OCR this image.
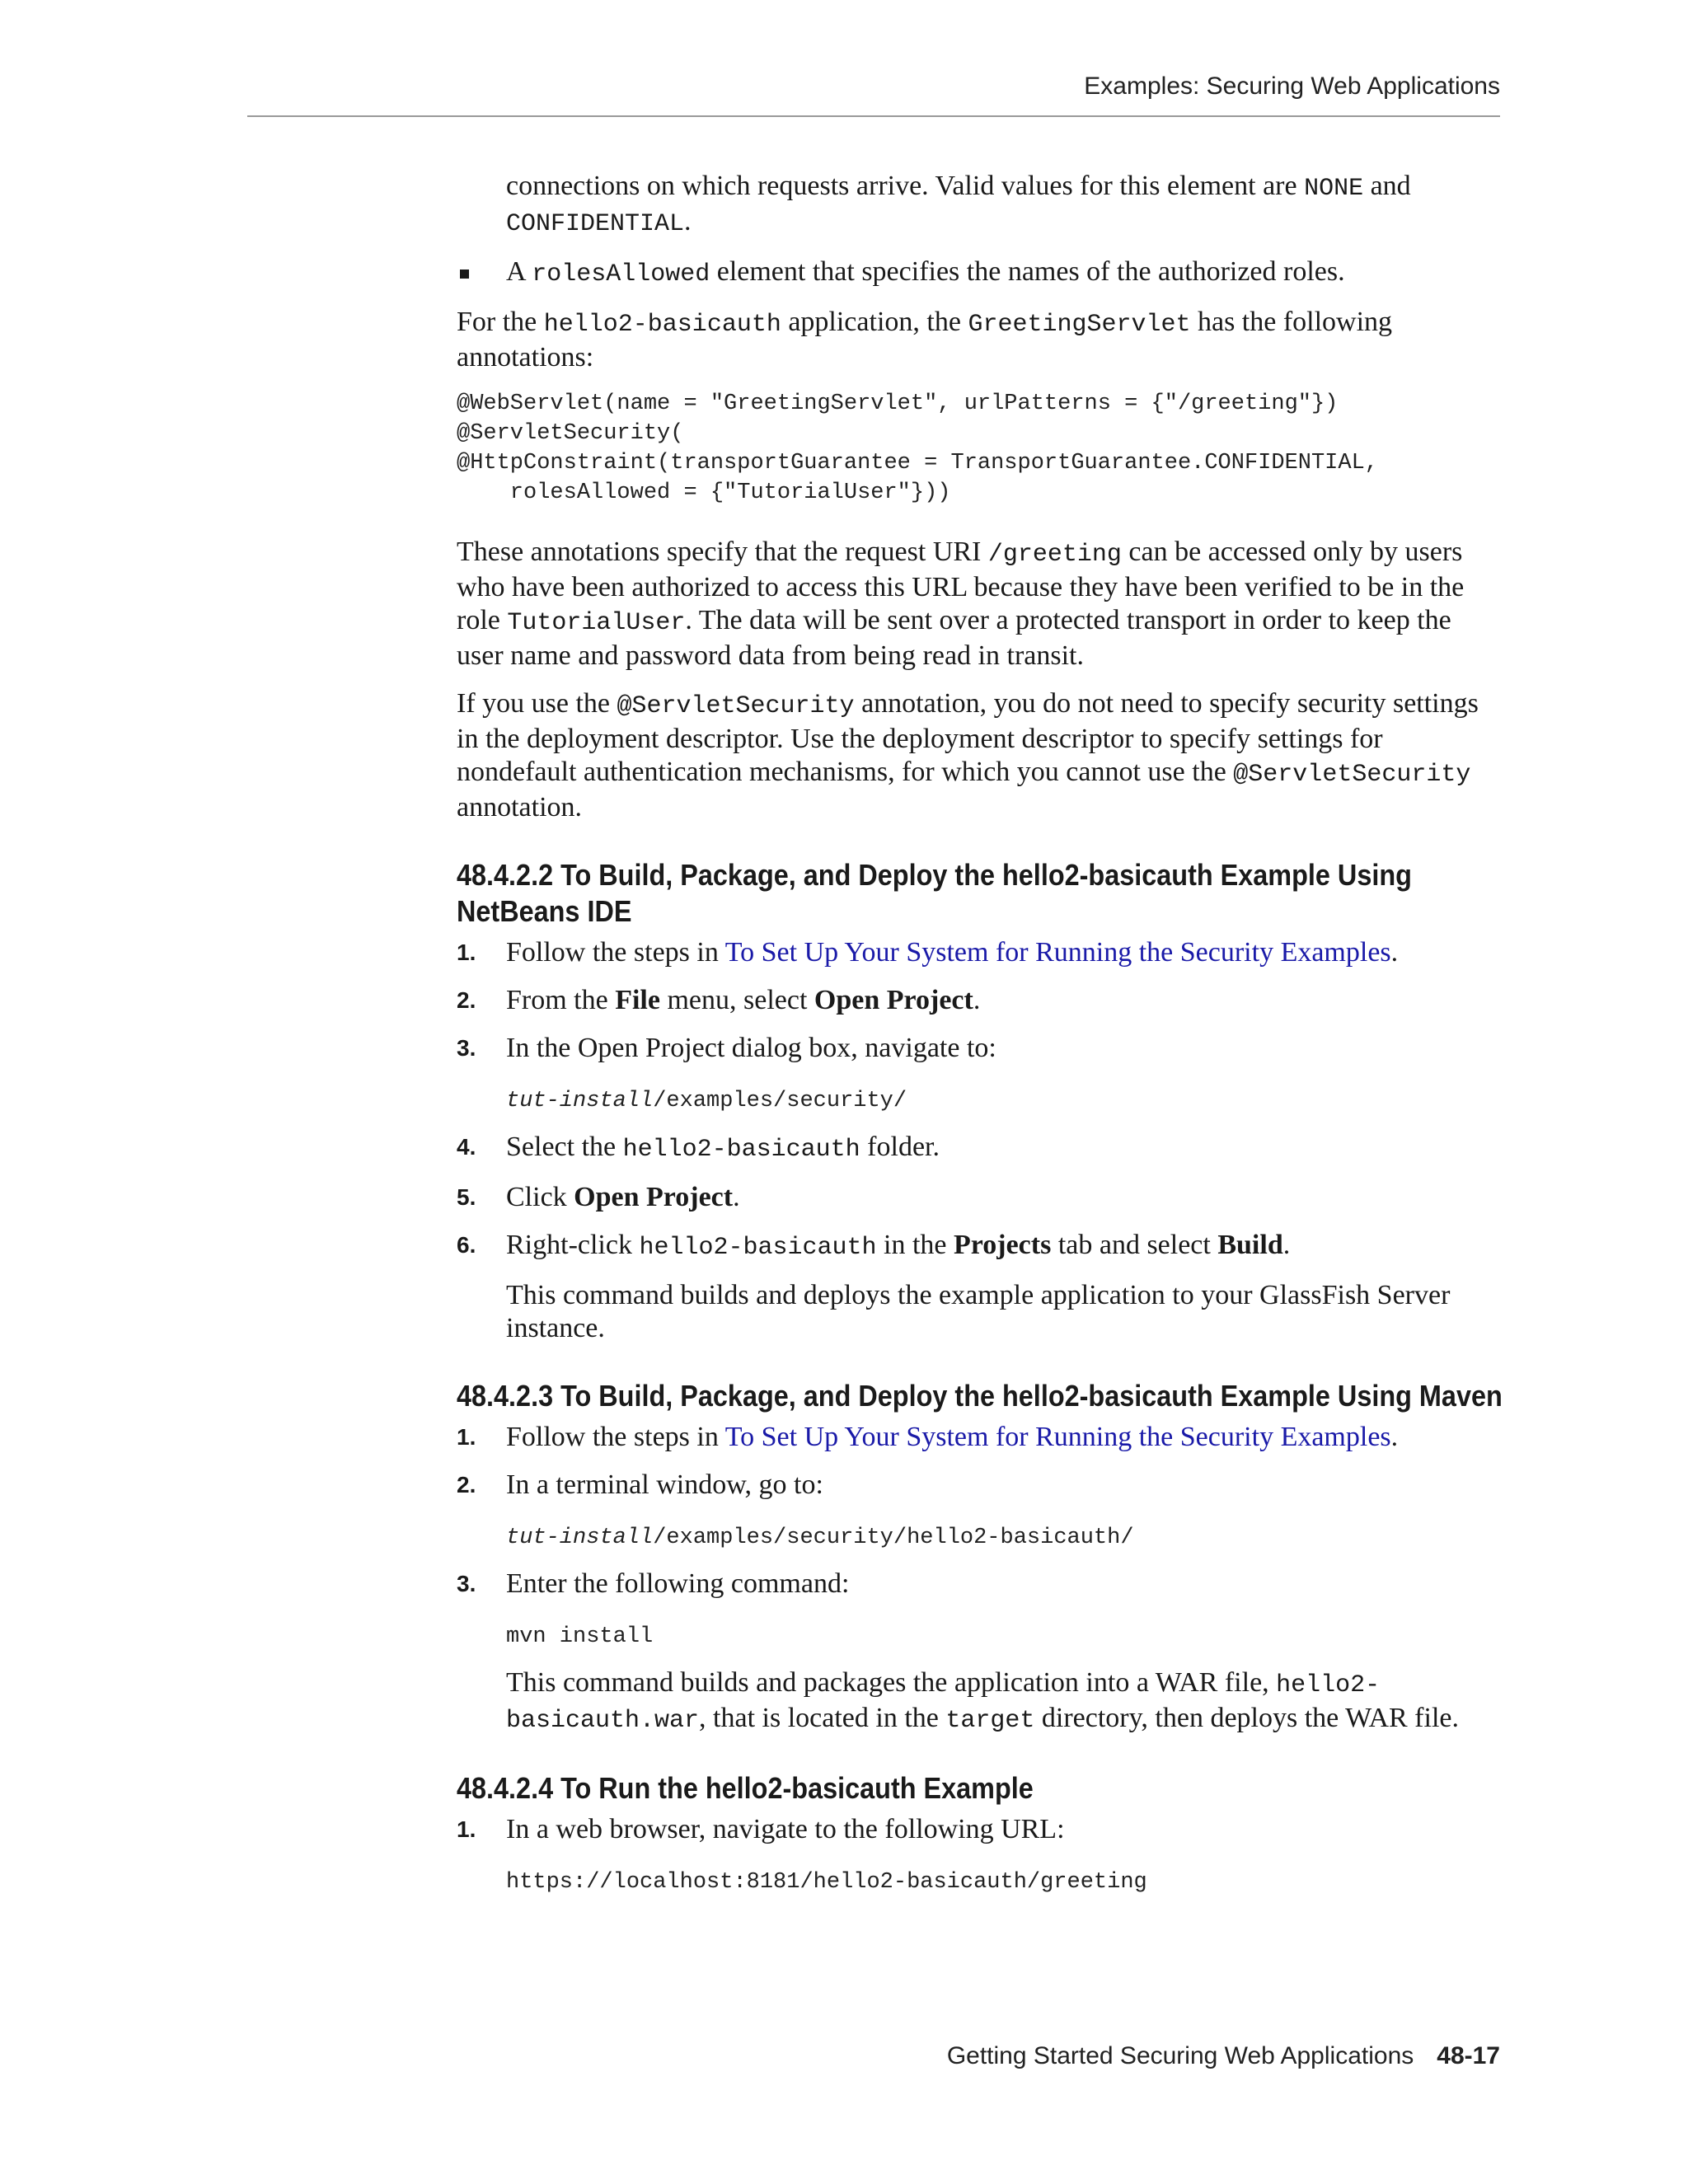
Examples: Securing Web Applications

connections on which requests arrive. Valid values for this element are NONE and CONFIDENTIAL.

A rolesAllowed element that specifies the names of the authorized roles.

For the hello2-basicauth application, the GreetingServlet has the following annotations:

@WebServlet(name = "GreetingServlet", urlPatterns = {"/greeting"})
@ServletSecurity(
@HttpConstraint(transportGuarantee = TransportGuarantee.CONFIDENTIAL,
rolesAllowed = {"TutorialUser"}))

These annotations specify that the request URI /greeting can be accessed only by users who have been authorized to access this URL because they have been verified to be in the role TutorialUser. The data will be sent over a protected transport in order to keep the user name and password data from being read in transit.

If you use the @ServletSecurity annotation, you do not need to specify security settings in the deployment descriptor. Use the deployment descriptor to specify settings for nondefault authentication mechanisms, for which you cannot use the @ServletSecurity annotation.

48.4.2.2 To Build, Package, and Deploy the hello2-basicauth Example Using NetBeans IDE
1. Follow the steps in To Set Up Your System for Running the Security Examples.
2. From the File menu, select Open Project.
3. In the Open Project dialog box, navigate to:
tut-install/examples/security/
4. Select the hello2-basicauth folder.
5. Click Open Project.
6. Right-click hello2-basicauth in the Projects tab and select Build.
This command builds and deploys the example application to your GlassFish Server instance.
48.4.2.3 To Build, Package, and Deploy the hello2-basicauth Example Using Maven
1. Follow the steps in To Set Up Your System for Running the Security Examples.
2. In a terminal window, go to:
tut-install/examples/security/hello2-basicauth/
3. Enter the following command:
mvn install
This command builds and packages the application into a WAR file, hello2-basicauth.war, that is located in the target directory, then deploys the WAR file.
48.4.2.4 To Run the hello2-basicauth Example
1. In a web browser, navigate to the following URL:
https://localhost:8181/hello2-basicauth/greeting
Getting Started Securing Web Applications 48-17
